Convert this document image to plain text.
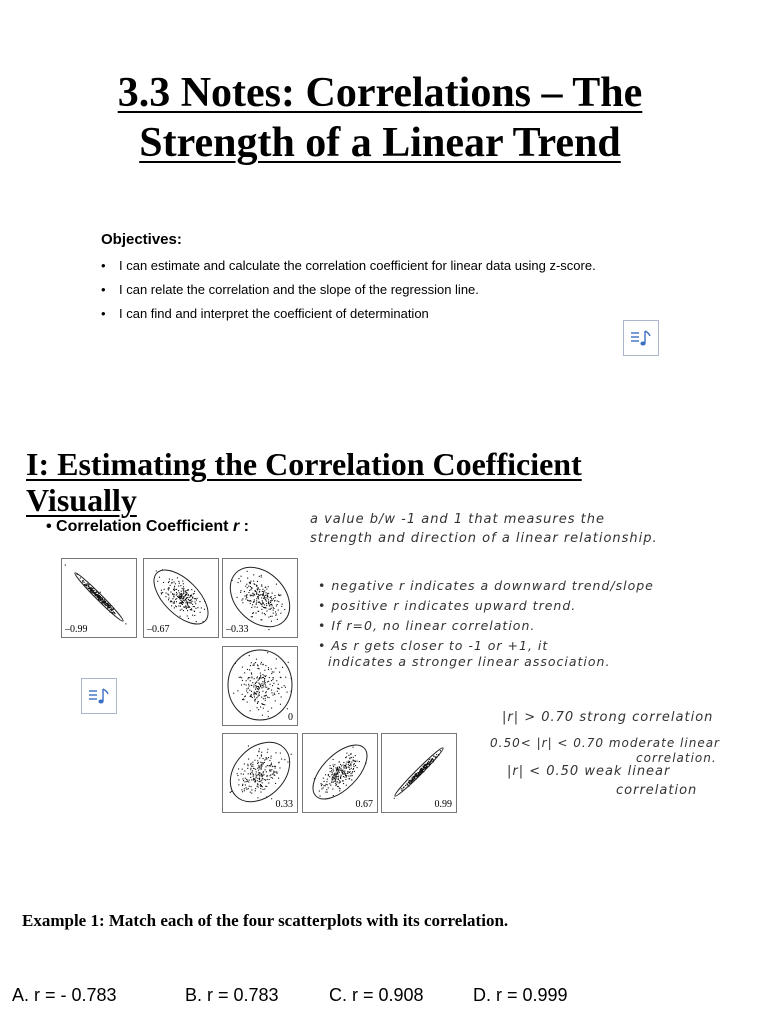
3.3 Notes: Correlations – The
Strength of a Linear Trend
Objectives:
• I can estimate and calculate the correlation coefficient for linear data using z-score.
• I can relate the correlation and the slope of the regression line.
• I can find and interpret the coefficient of determination
I: Estimating the Correlation Coefficient
Visually
• Correlation Coefficient r :	a value b/w -1 and 1 that measures the
strength and direction of a linear relationship.
• negative r indicates a downward trend/slope
• positive r indicates upward trend.
• If r=0, no linear correlation.
• As r gets closer to -1 or +1, it
indicates a stronger linear association.
|r| > 0.70 strong correlation
0.50< |r| < 0.70 moderate linear
correlation.
|r| < 0.50 weak linear
correlation
–0.99	–0.67	–0.33
0
0.33	0.67	0.99
Example 1: Match each of the four scatterplots with its correlation.
A. r = - 0.783	B. r = 0.783	C. r = 0.908	D. r = 0.999
